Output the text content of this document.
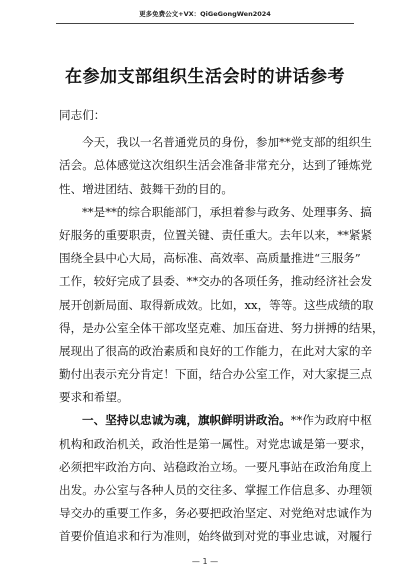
更多免费公文+VX：QiGeGongWen2024
在参加支部组织生活会时的讲话参考
同志们：
今天，我以一名普通党员的身份，参加**党支部的组织生
活会。总体感觉这次组织生活会准备非常充分，达到了锤炼党
性、增进团结、鼓舞干劲的目的。
**是**的综合职能部门，承担着参与政务、处理事务、搞
好服务的重要职责，位置关键、责任重大。去年以来，**紧紧
围绕全县中心大局，高标准、高效率、高质量推进“三服务”
工作，较好完成了县委、**交办的各项任务，推动经济社会发
展开创新局面、取得新成效。比如，xx，等等。这些成绩的取
得，是办公室全体干部攻坚克难、加压奋进、努力拼搏的结果，
展现出了很高的政治素质和良好的工作能力，在此对大家的辛
勤付出表示充分肯定！下面，结合办公室工作，对大家提三点
要求和希望。
一、坚持以忠诚为魂，旗帜鲜明讲政治。**作为政府中枢
机构和政治机关，政治性是第一属性。对党忠诚是第一要求，
必须把牢政治方向、站稳政治立场。一要凡事站在政治角度上
出发。办公室与各种人员的交往多、掌握工作信息多、办理领
导交办的重要工作多，务必要把政治坚定、对党绝对忠诚作为
首要价值追求和行为准则，始终做到对党的事业忠诚，对履行
— 1 —
